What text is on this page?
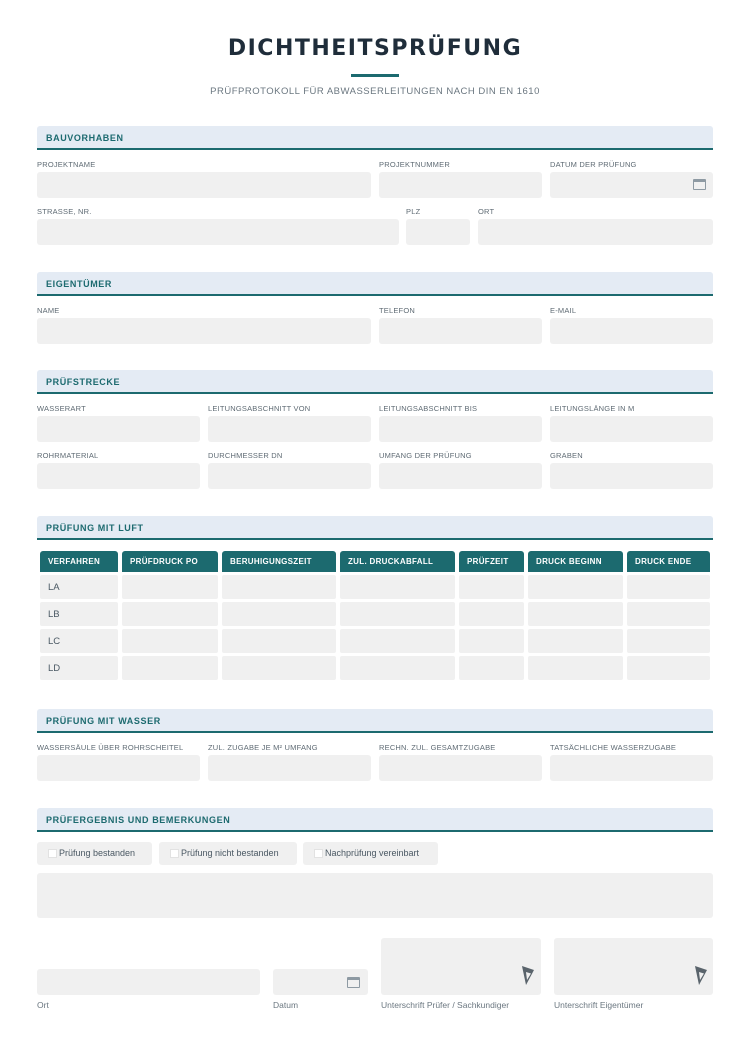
DICHTHEITSPRÜFUNG
PRÜFPROTOKOLL FÜR ABWASSERLEITUNGEN NACH DIN EN 1610
BAUVORHABEN
PROJEKTNAME	PROJEKTNUMMER	DATUM DER PRÜFUNG
STRASSE, NR.	PLZ	ORT
EIGENTÜMER
NAME	TELEFON	E-MAIL
PRÜFSTRECKE
WASSERART	LEITUNGSABSCHNITT VON	LEITUNGSABSCHNITT BIS	LEITUNGSLÄNGE IN M
ROHRMATERIAL	DURCHMESSER DN	UMFANG DER PRÜFUNG	GRABEN
PRÜFUNG MIT LUFT
VERFAHREN	PRÜFDRUCK PO	BERUHIGUNGSZEIT	ZUL. DRUCKABFALL	PRÜFZEIT	DRUCK BEGINN	DRUCK ENDE
LA
LB
LC
LD
PRÜFUNG MIT WASSER
WASSERSÄULE ÜBER ROHRSCHEITEL	ZUL. ZUGABE JE M² UMFANG	RECHN. ZUL. GESAMTZUGABE	TATSÄCHLICHE WASSERZUGABE
PRÜFERGEBNIS UND BEMERKUNGEN
Prüfung bestanden	Prüfung nicht bestanden	Nachprüfung vereinbart
Ort	Datum	Unterschrift Prüfer / Sachkundiger	Unterschrift Eigentümer
